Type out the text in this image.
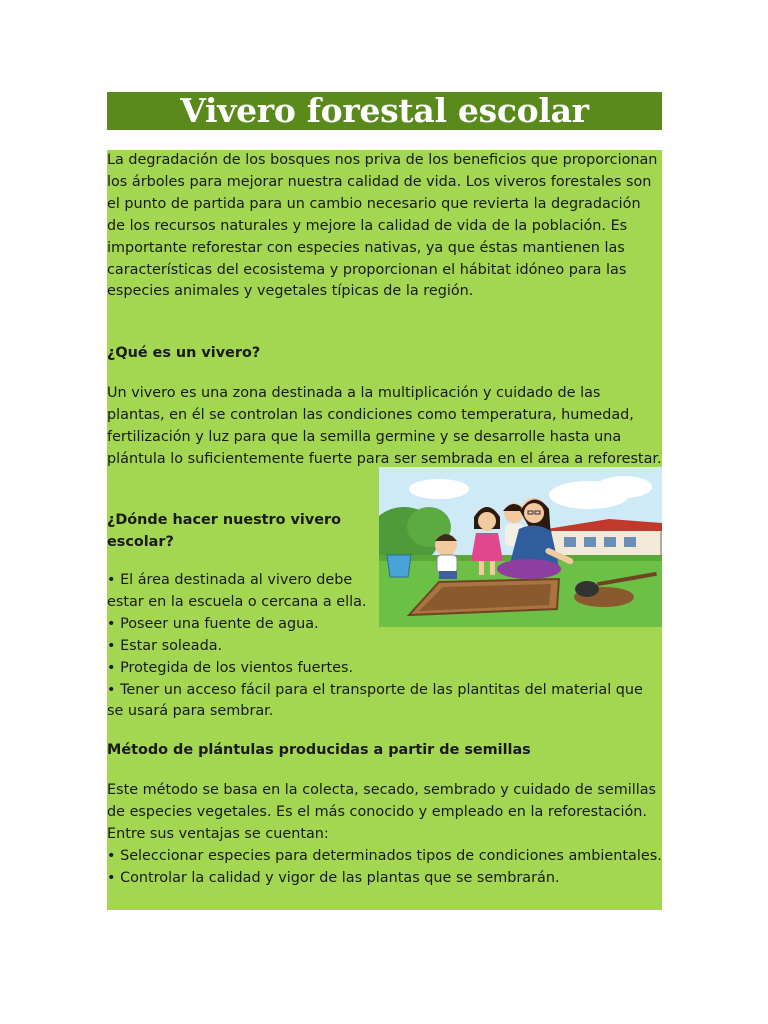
Vivero forestal escolar

La degradación de los bosques nos priva de los beneficios que proporcionan los árboles para mejorar nuestra calidad de vida. Los viveros forestales son el punto de partida para un cambio necesario que revierta la degradación de los recursos naturales y mejore la calidad de vida de la población. Es importante reforestar con especies nativas, ya que éstas mantienen las características del ecosistema y proporcionan el hábitat idóneo para las especies animales y vegetales típicas de la región.

¿Qué es un vivero?

Un vivero es una zona destinada a la multiplicación y cuidado de las plantas, en él se controlan las condiciones como temperatura, humedad, fertilización y luz para que la semilla germine y se desarrolle hasta una plántula lo suficientemente fuerte para ser sembrada en el área a reforestar.

¿Dónde hacer nuestro vivero escolar?

• El área destinada al vivero debe estar en la escuela o cercana a ella.

• Poseer una fuente de agua.

• Estar soleada.

• Protegida de los vientos fuertes.

• Tener un acceso fácil para el transporte de las plantitas del material que se usará para sembrar.

Método de plántulas producidas a partir de semillas

Este método se basa en la colecta, secado, sembrado y cuidado de semillas de especies vegetales. Es el más conocido y empleado en la reforestación. Entre sus ventajas se cuentan:

• Seleccionar especies para determinados tipos de condiciones ambientales.

• Controlar la calidad y vigor de las plantas que se sembrarán.
